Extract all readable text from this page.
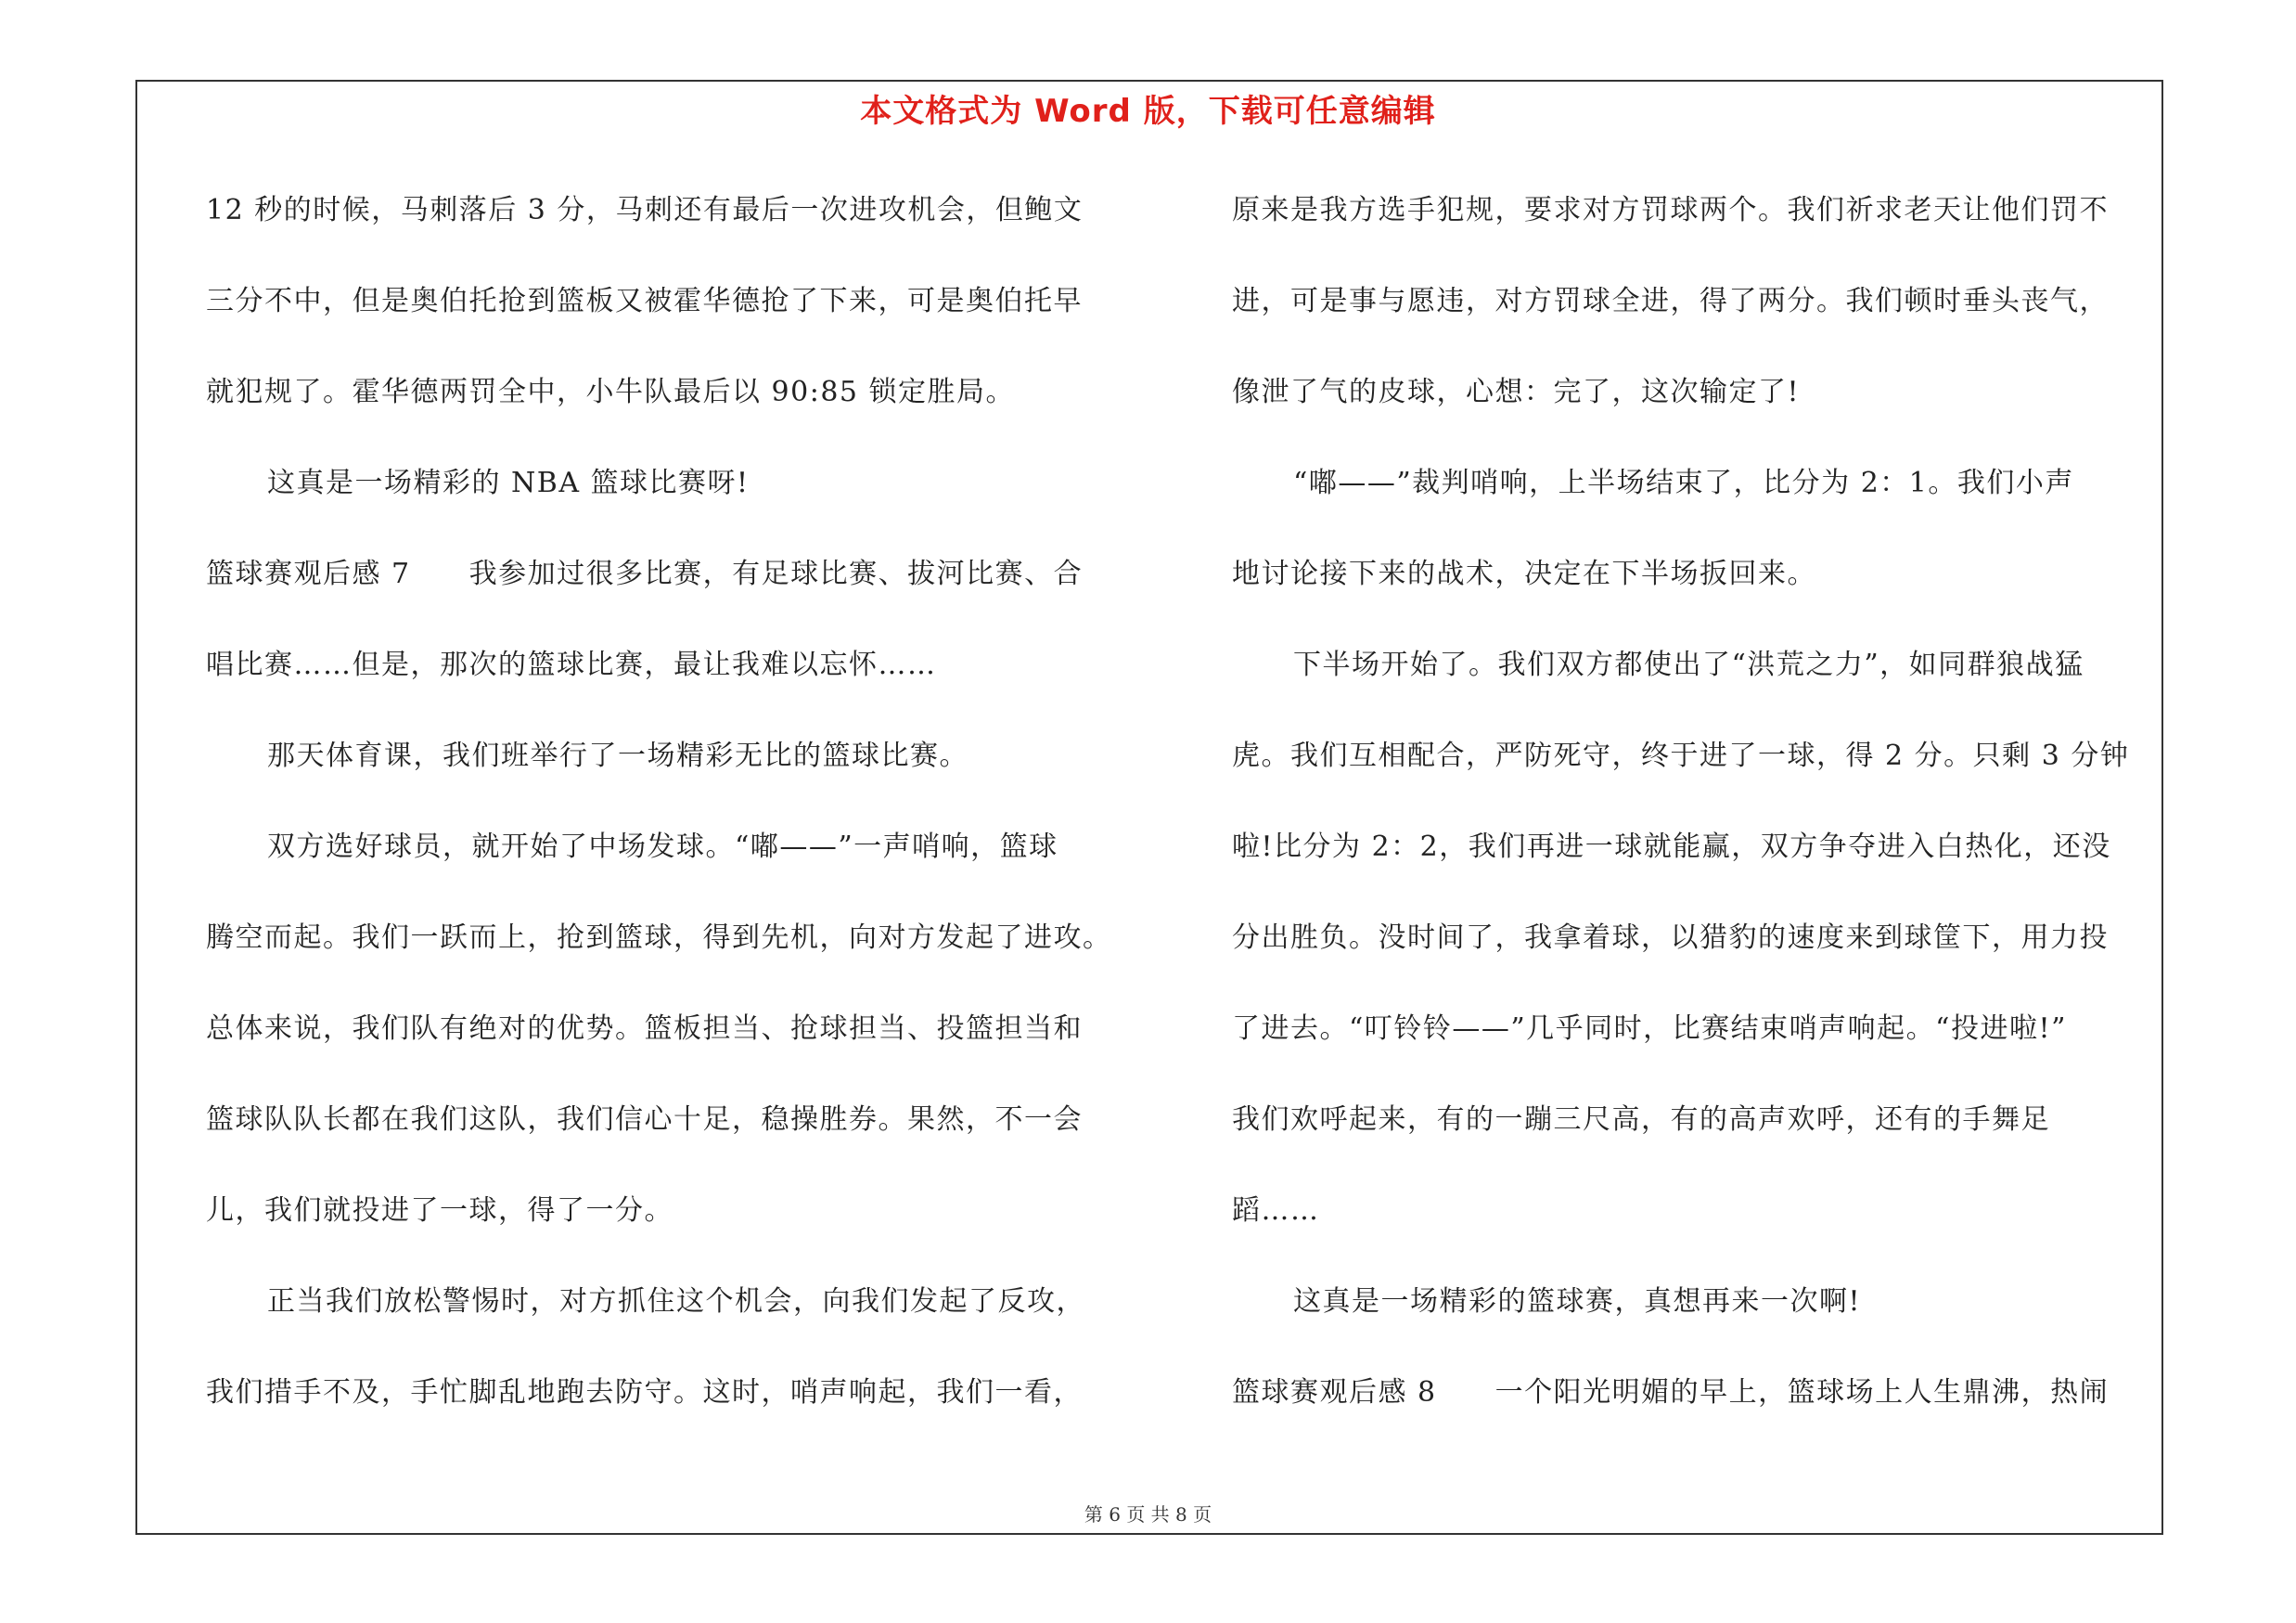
本文格式为 Word 版，下载可任意编辑
12 秒的时候，马刺落后 3 分，马刺还有最后一次进攻机会，但鲍文
三分不中，但是奥伯托抢到篮板又被霍华德抢了下来，可是奥伯托早
就犯规了。霍华德两罚全中，小牛队最后以 90:85 锁定胜局。
这真是一场精彩的 NBA 篮球比赛呀!
篮球赛观后感 7　　我参加过很多比赛，有足球比赛、拔河比赛、合
唱比赛……但是，那次的篮球比赛，最让我难以忘怀……
那天体育课，我们班举行了一场精彩无比的篮球比赛。
双方选好球员，就开始了中场发球。“嘟——”一声哨响，篮球
腾空而起。我们一跃而上，抢到篮球，得到先机，向对方发起了进攻。
总体来说，我们队有绝对的优势。篮板担当、抢球担当、投篮担当和
篮球队队长都在我们这队，我们信心十足，稳操胜券。果然，不一会
儿，我们就投进了一球，得了一分。
正当我们放松警惕时，对方抓住这个机会，向我们发起了反攻，
我们措手不及，手忙脚乱地跑去防守。这时，哨声响起，我们一看，
原来是我方选手犯规，要求对方罚球两个。我们祈求老天让他们罚不
进，可是事与愿违，对方罚球全进，得了两分。我们顿时垂头丧气，
像泄了气的皮球，心想：完了，这次输定了!
“嘟——”裁判哨响，上半场结束了，比分为 2：1。我们小声
地讨论接下来的战术，决定在下半场扳回来。
下半场开始了。我们双方都使出了“洪荒之力”，如同群狼战猛
虎。我们互相配合，严防死守，终于进了一球，得 2 分。只剩 3 分钟
啦!比分为 2：2，我们再进一球就能赢，双方争夺进入白热化，还没
分出胜负。没时间了，我拿着球，以猎豹的速度来到球筐下，用力投
了进去。“叮铃铃——”几乎同时，比赛结束哨声响起。“投进啦!”
我们欢呼起来，有的一蹦三尺高，有的高声欢呼，还有的手舞足
蹈……
这真是一场精彩的篮球赛，真想再来一次啊!
篮球赛观后感 8　　一个阳光明媚的早上，篮球场上人生鼎沸，热闹
第 6 页 共 8 页
